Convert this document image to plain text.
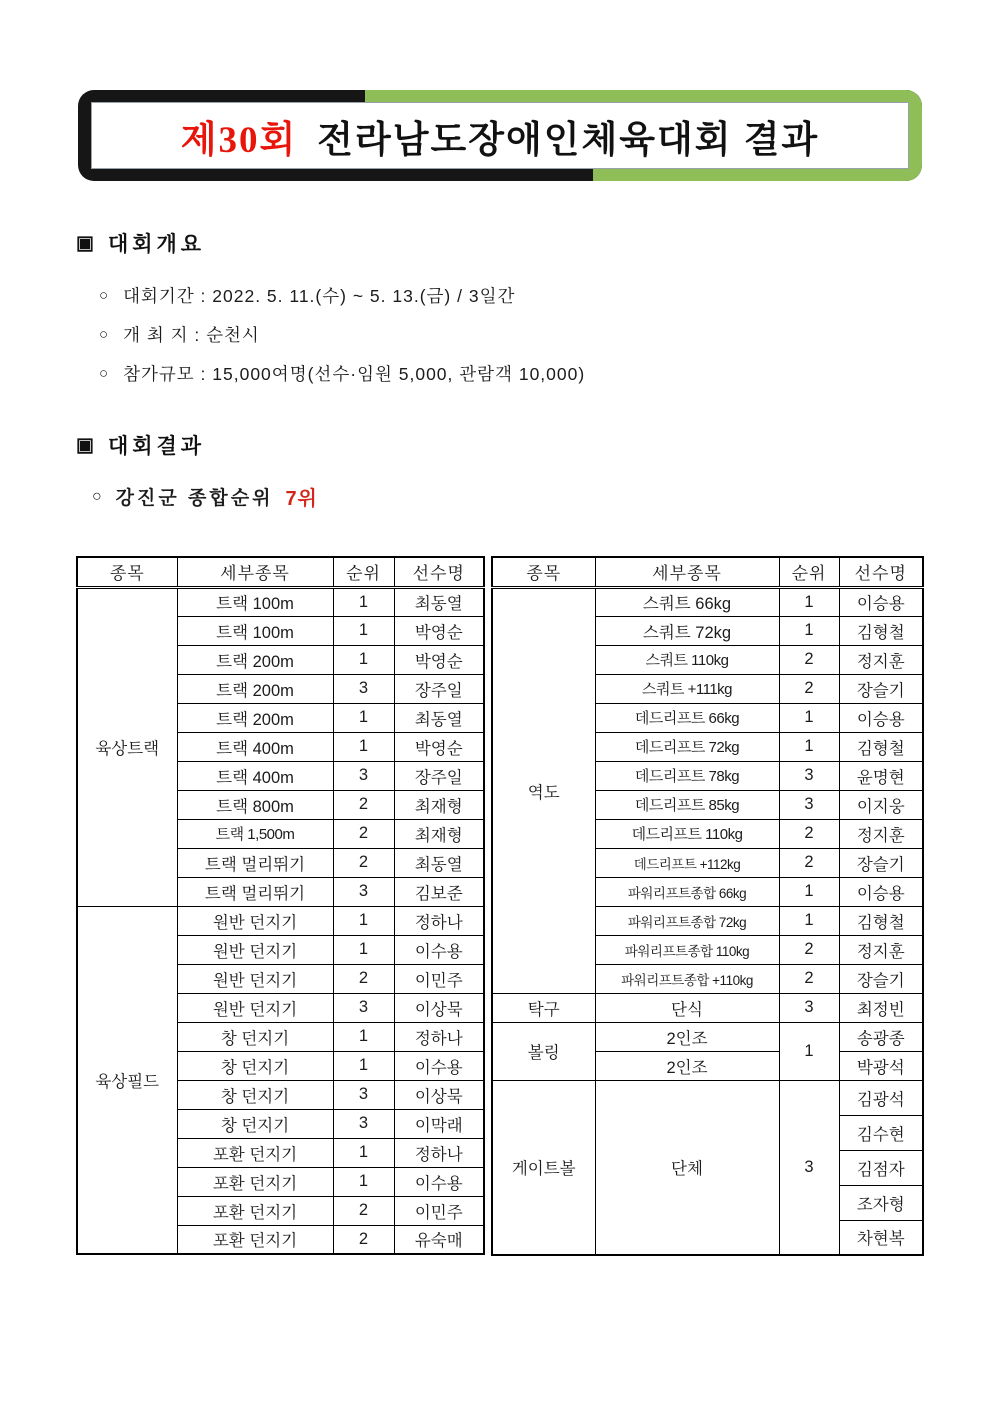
제30회 전라남도장애인체육대회 결과
▣ 대회개요
○ 대회기간 : 2022. 5. 11.(수) ~ 5. 13.(금) / 3일간
○ 개 최 지 : 순천시
○ 참가규모 : 15,000여명(선수·임원 5,000, 관람객 10,000)
▣ 대회결과
○ 강진군 종합순위 7위
종목	세부종목	순위	선수명
육상트랙	트랙 100m	1	최동열
	트랙 100m	1	박영순
	트랙 200m	1	박영순
	트랙 200m	3	장주일
	트랙 200m	1	최동열
	트랙 400m	1	박영순
	트랙 400m	3	장주일
	트랙 800m	2	최재형
	트랙 1,500m	2	최재형
	트랙 멀리뛰기	2	최동열
	트랙 멀리뛰기	3	김보준
육상필드	원반 던지기	1	정하나
	원반 던지기	1	이수용
	원반 던지기	2	이민주
	원반 던지기	3	이상묵
	창 던지기	1	정하나
	창 던지기	1	이수용
	창 던지기	3	이상묵
	창 던지기	3	이막래
	포환 던지기	1	정하나
	포환 던지기	1	이수용
	포환 던지기	2	이민주
	포환 던지기	2	유숙매
종목	세부종목	순위	선수명
역도	스쿼트 66kg	1	이승용
	스쿼트 72kg	1	김형철
	스쿼트 110kg	2	정지훈
	스쿼트 +111kg	2	장슬기
	데드리프트 66kg	1	이승용
	데드리프트 72kg	1	김형철
	데드리프트 78kg	3	윤명현
	데드리프트 85kg	3	이지웅
	데드리프트 110kg	2	정지훈
	데드리프트 +112kg	2	장슬기
	파워리프트종합 66kg	1	이승용
	파워리프트종합 72kg	1	김형철
	파워리프트종합 110kg	2	정지훈
	파워리프트종합 +110kg	2	장슬기
탁구	단식	3	최정빈
볼링	2인조	1	송광종
	2인조		박광석
게이트볼	단체	3	김광석
			김수현
			김점자
			조자형
			차현복
